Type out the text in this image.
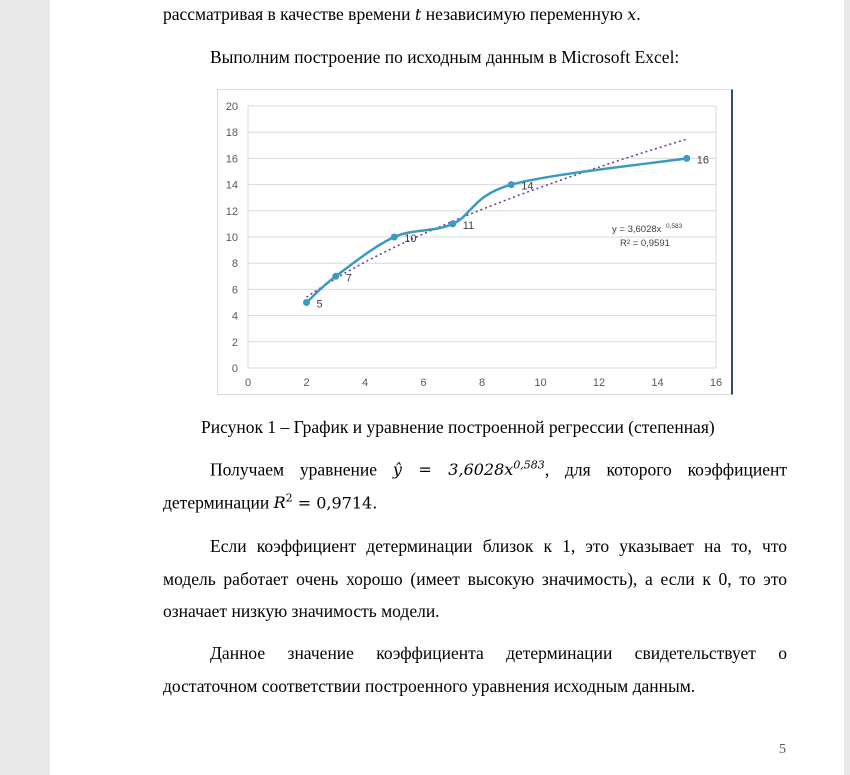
рассматривая в качестве времени t независимую переменную x.
Выполним построение по исходным данным в Microsoft Excel:
0
2
4
6
8
10
12
14
16
18
20
0	2	4	6	8	10	12	14	16
5
7
10
11
14
16
y = 3,6028x 0,583
R² = 0,9591
Рисунок 1 – График и уравнение построенной регрессии (степенная)
Получаем уравнение ŷ = $3,6028x^{0,583}$, для которого коэффициент
детерминации $R^2 = 0,9714$.
Если коэффициент детерминации близок к 1, это указывает на то, что
модель работает очень хорошо (имеет высокую значимость), а если к 0, то это
означает низкую значимость модели.
Данное значение коэффициента детерминации свидетельствует о
достаточном соответствии построенного уравнения исходным данным.
5
